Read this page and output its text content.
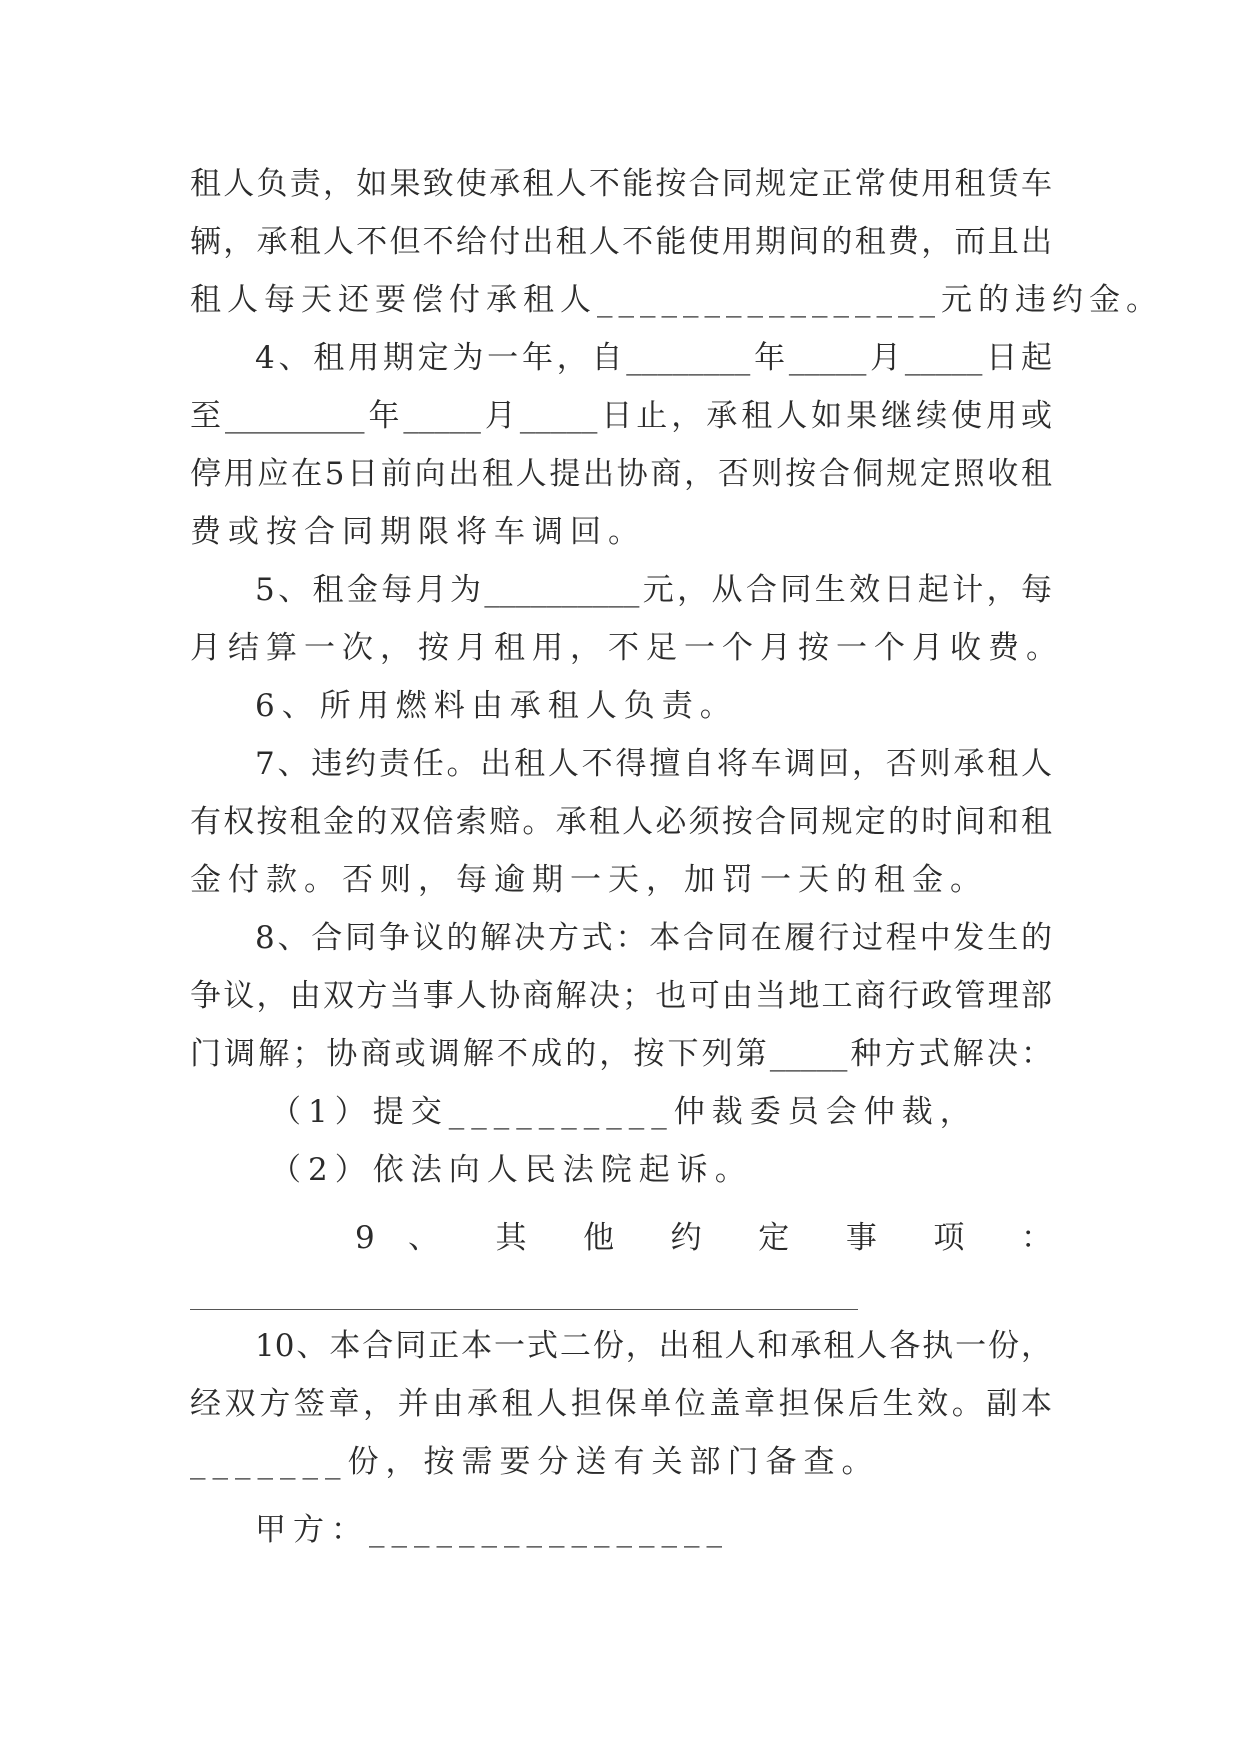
租人负责，如果致使承租人不能按合同规定正常使用租赁车
辆，承租人不但不给付出租人不能使用期间的租费，而且出
租人每天还要偿付承租人________________元的违约金。
4、租用期定为一年，自________年_____月_____日起
至_________年_____月_____日止，承租人如果继续使用或
停用应在5日前向出租人提出协商，否则按合侗规定照收租
费或按合同期限将车调回。
5、租金每月为__________元，从合同生效日起计，每
月结算一次，按月租用，不足一个月按一个月收费。
6、所用燃料由承租人负责。
7、违约责任。出租人不得擅自将车调回，否则承租人
有权按租金的双倍索赔。承租人必须按合同规定的时间和租
金付款。否则，每逾期一天，加罚一天的租金。
8、合同争议的解决方式：本合同在履行过程中发生的
争议，由双方当事人协商解决；也可由当地工商行政管理部
门调解；协商或调解不成的，按下列第_____种方式解决：
（1）提交__________仲裁委员会仲裁，
（2）依法向人民法院起诉。
9 、 其 他 约 定 事 项 ：
10、本合同正本一式二份，出租人和承租人各执一份，
经双方签章，并由承租人担保单位盖章担保后生效。副本
_______份，按需要分送有关部门备查。
甲方：________________
